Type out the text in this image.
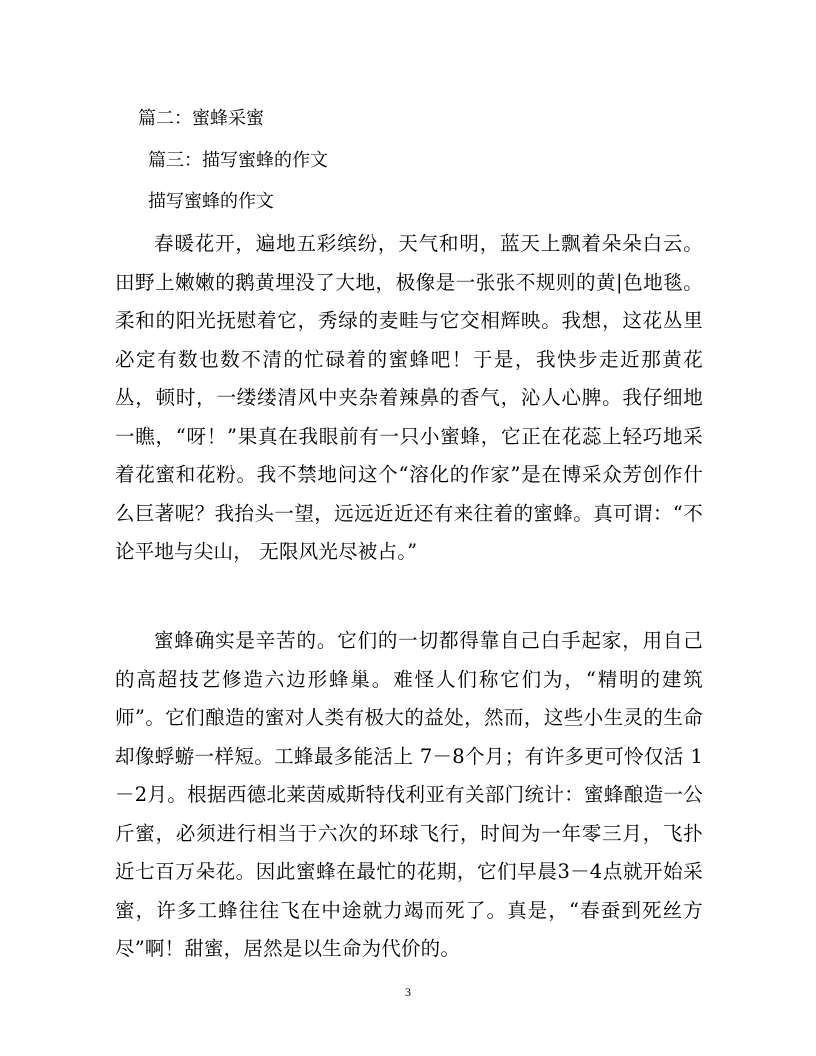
篇二：蜜蜂采蜜
篇三：描写蜜蜂的作文
描写蜜蜂的作文

春暖花开，遍地五彩缤纷，天气和明，蓝天上飘着朵朵白云。田野上嫩嫩的鹅黄埋没了大地，极像是一张张不规则的黄|色地毯。柔和的阳光抚慰着它，秀绿的麦畦与它交相辉映。我想，这花丛里必定有数也数不清的忙碌着的蜜蜂吧！于是，我快步走近那黄花丛，顿时，一缕缕清风中夹杂着辣鼻的香气，沁人心脾。我仔细地一瞧，“呀！”果真在我眼前有一只小蜜蜂，它正在花蕊上轻巧地采着花蜜和花粉。我不禁地问这个“溶化的作家”是在博采众芳创作什么巨著呢？我抬头一望，远远近近还有来往着的蜜蜂。真可谓：“不论平地与尖山， 无限风光尽被占。”

蜜蜂确实是辛苦的。它们的一切都得靠自己白手起家，用自己的高超技艺修造六边形蜂巢。难怪人们称它们为，“精明的建筑师”。它们酿造的蜜对人类有极大的益处，然而，这些小生灵的生命却像蜉蝣一样短。工蜂最多能活上 7－8个月；有许多更可怜仅活 1－2月。根据西德北莱茵威斯特伐利亚有关部门统计：蜜蜂酿造一公斤蜜，必须进行相当于六次的环球飞行，时间为一年零三月，飞扑近七百万朵花。因此蜜蜂在最忙的花期，它们早晨3－4点就开始采蜜，许多工蜂往往飞在中途就力竭而死了。真是，“春蚕到死丝方尽”啊！甜蜜，居然是以生命为代价的。

3
